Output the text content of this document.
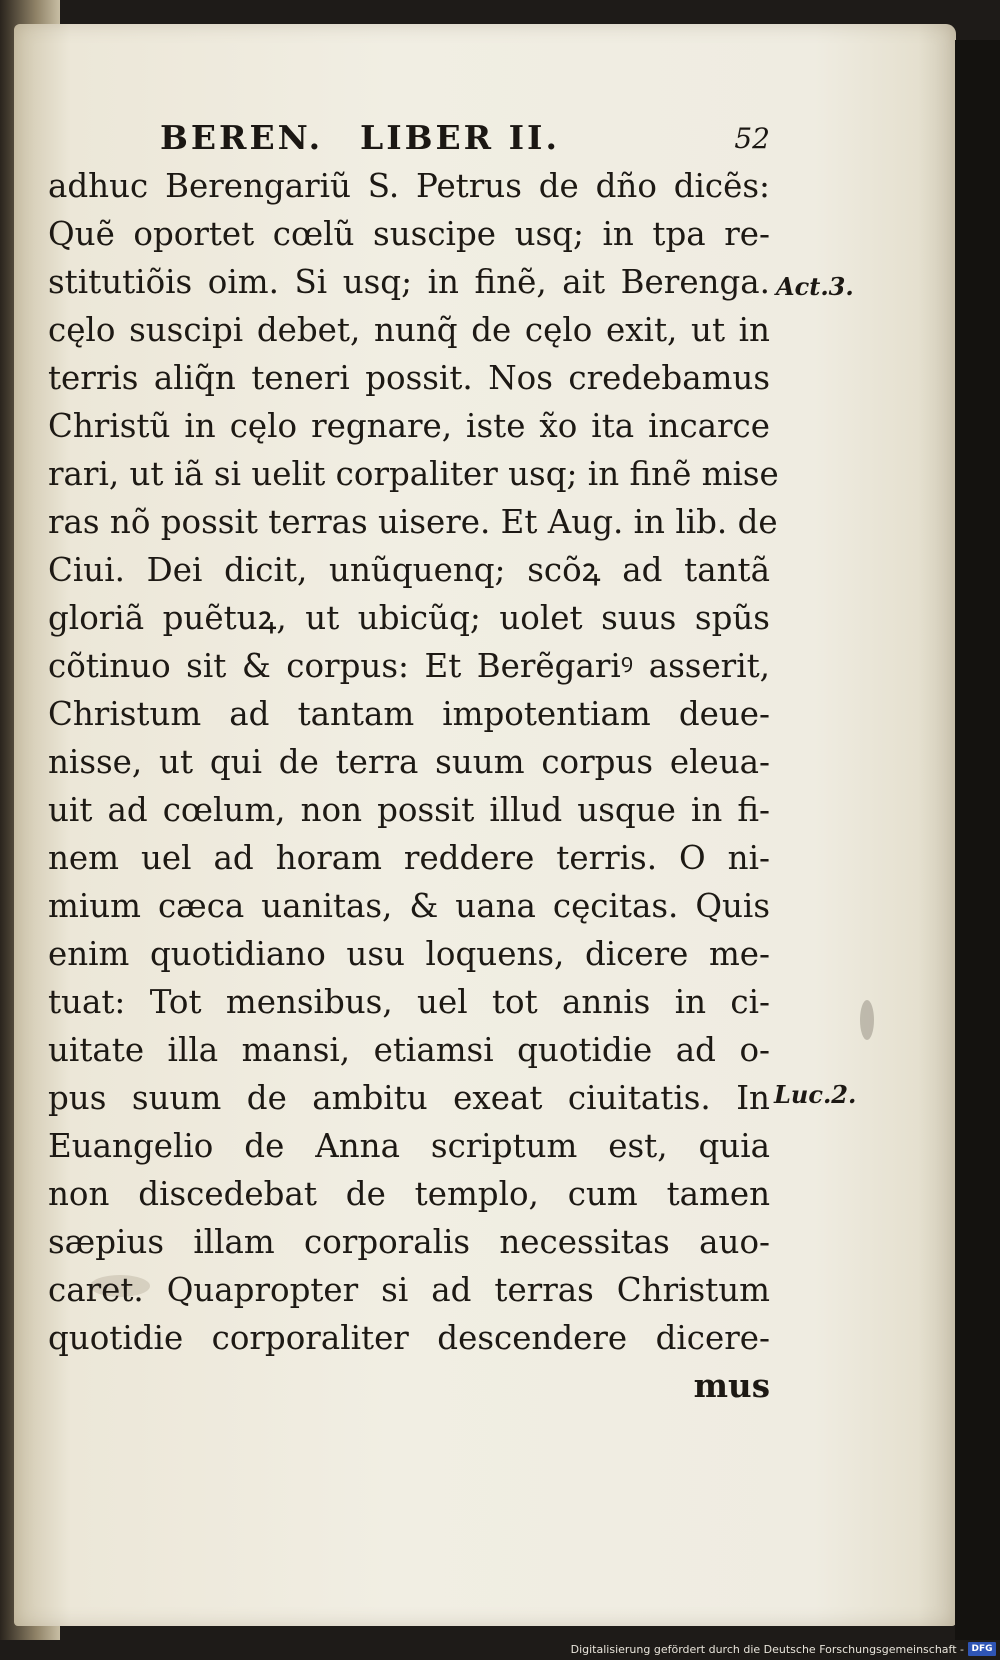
BEREN. LIBER II.	52
adhuc Berengariũ S. Petrus de dño dicẽs:
Quẽ oportet cœlũ suscipe usq; in tpa re-
stitutiõis oim. Si usq; in finẽ, ait Berenga.
cęlo suscipi debet, nunq̃ de cęlo exit, ut in
terris aliq̃n teneri possit. Nos credebamus
Christũ in cęlo regnare, iste x̃o ita incarce
rari, ut iã si uelit corpaliter usq; in finẽ mise
ras nõ possit terras uisere. Et Aug. in lib. de
Ciui. Dei dicit, unũquenq; scõꝝ ad tantã
gloriã puẽtuꝝ, ut ubicũq; uolet suus spũs
cõtinuo sit & corpus: Et Berẽgariꝰ asserit,
Christum ad tantam impotentiam deue-
nisse, ut qui de terra suum corpus eleua-
uit ad cœlum, non possit illud usque in fi-
nem uel ad horam reddere terris. O ni-
mium cæca uanitas, & uana cęcitas. Quis
enim quotidiano usu loquens, dicere me-
tuat: Tot mensibus, uel tot annis in ci-
uitate illa mansi, etiamsi quotidie ad o-
pus suum de ambitu exeat ciuitatis. In
Euangelio de Anna scriptum est, quia
non discedebat de templo, cum tamen
sæpius illam corporalis necessitas auo-
caret. Quapropter si ad terras Christum
quotidie corporaliter descendere dicere-
mus
Act.3.
Luc.2.
Digitalisierung gefördert durch die Deutsche Forschungsgemeinschaft - DFG
